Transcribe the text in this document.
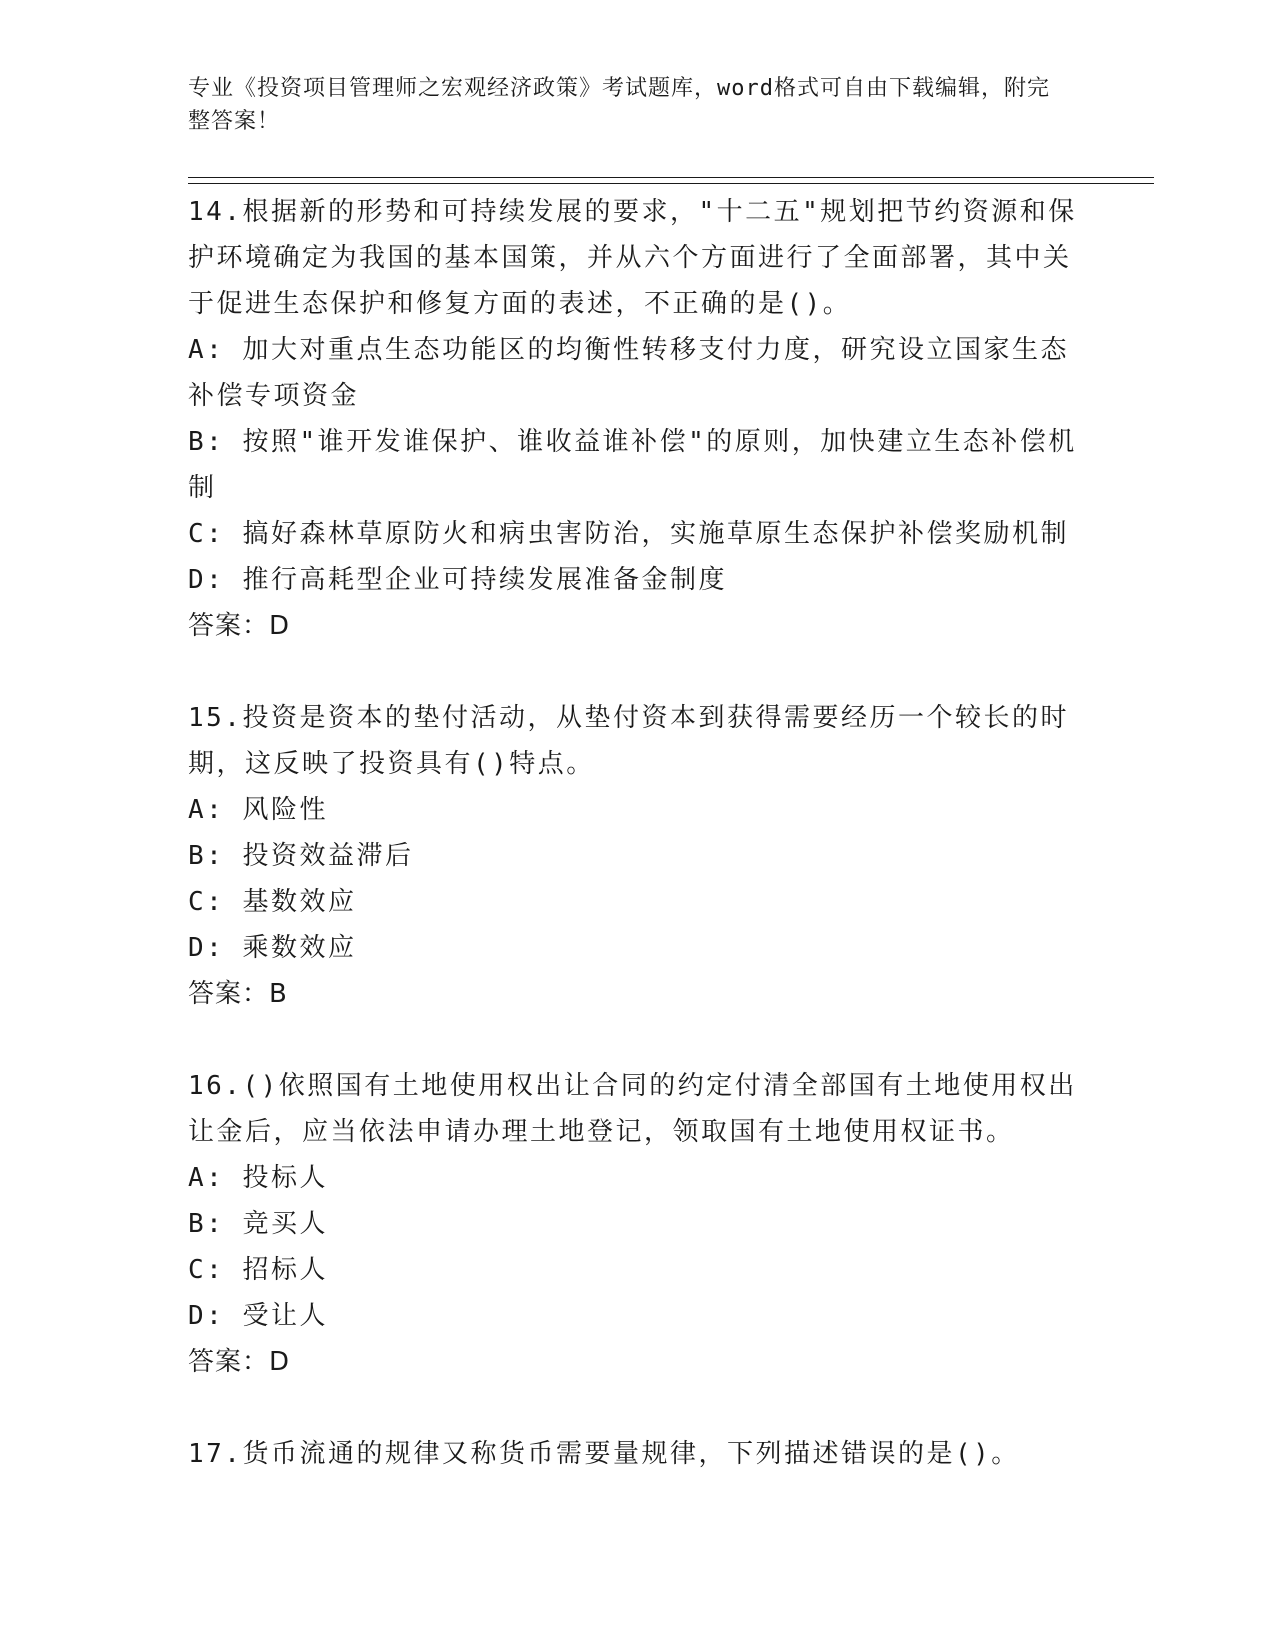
专业《投资项目管理师之宏观经济政策》考试题库，word格式可自由下载编辑，附完整答案！

14.根据新的形势和可持续发展的要求，"十二五"规划把节约资源和保护环境确定为我国的基本国策，并从六个方面进行了全面部署，其中关于促进生态保护和修复方面的表述，不正确的是()。

A: 加大对重点生态功能区的均衡性转移支付力度，研究设立国家生态补偿专项资金

B: 按照"谁开发谁保护、谁收益谁补偿"的原则，加快建立生态补偿机制

C: 搞好森林草原防火和病虫害防治，实施草原生态保护补偿奖励机制

D: 推行高耗型企业可持续发展准备金制度

答案：D

15.投资是资本的垫付活动，从垫付资本到获得需要经历一个较长的时期，这反映了投资具有()特点。

A: 风险性

B: 投资效益滞后

C: 基数效应

D: 乘数效应

答案：B

16.()依照国有土地使用权出让合同的约定付清全部国有土地使用权出让金后，应当依法申请办理土地登记，领取国有土地使用权证书。

A: 投标人

B: 竞买人

C: 招标人

D: 受让人

答案：D

17.货币流通的规律又称货币需要量规律，下列描述错误的是()。
